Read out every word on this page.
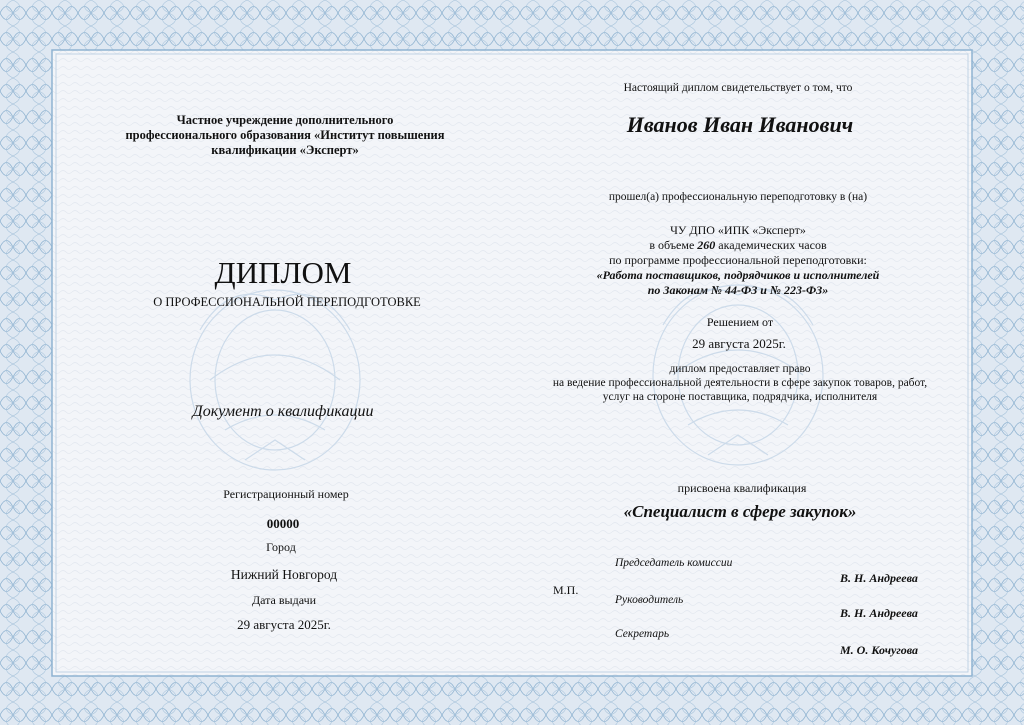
Частное учреждение дополнительного
профессионального образования «Институт повышения
квалификации «Эксперт»
ДИПЛОМ
О ПРОФЕССИОНАЛЬНОЙ ПЕРЕПОДГОТОВКЕ
Документ о квалификации
Регистрационный номер
00000
Город
Нижний Новгород
Дата выдачи
29 августа 2025г.
Настоящий диплом свидетельствует о том, что
Иванов Иван Иванович
прошел(а) профессиональную переподготовку в (на)
ЧУ ДПО «ИПК «Эксперт»
в объеме 260 академических часов
по программе профессиональной переподготовки:
«Работа поставщиков, подрядчиков и исполнителей
по Законам № 44-ФЗ и № 223-ФЗ»
Решением от
29 августа 2025г.
диплом предоставляет право
на ведение профессиональной деятельности в сфере закупок товаров, работ,
услуг на стороне поставщика, подрядчика, исполнителя
присвоена квалификация
«Специалист в сфере закупок»
М.П.
Председатель комиссии
В. Н. Андреева
Руководитель
В. Н. Андреева
Секретарь
М. О. Кочугова
